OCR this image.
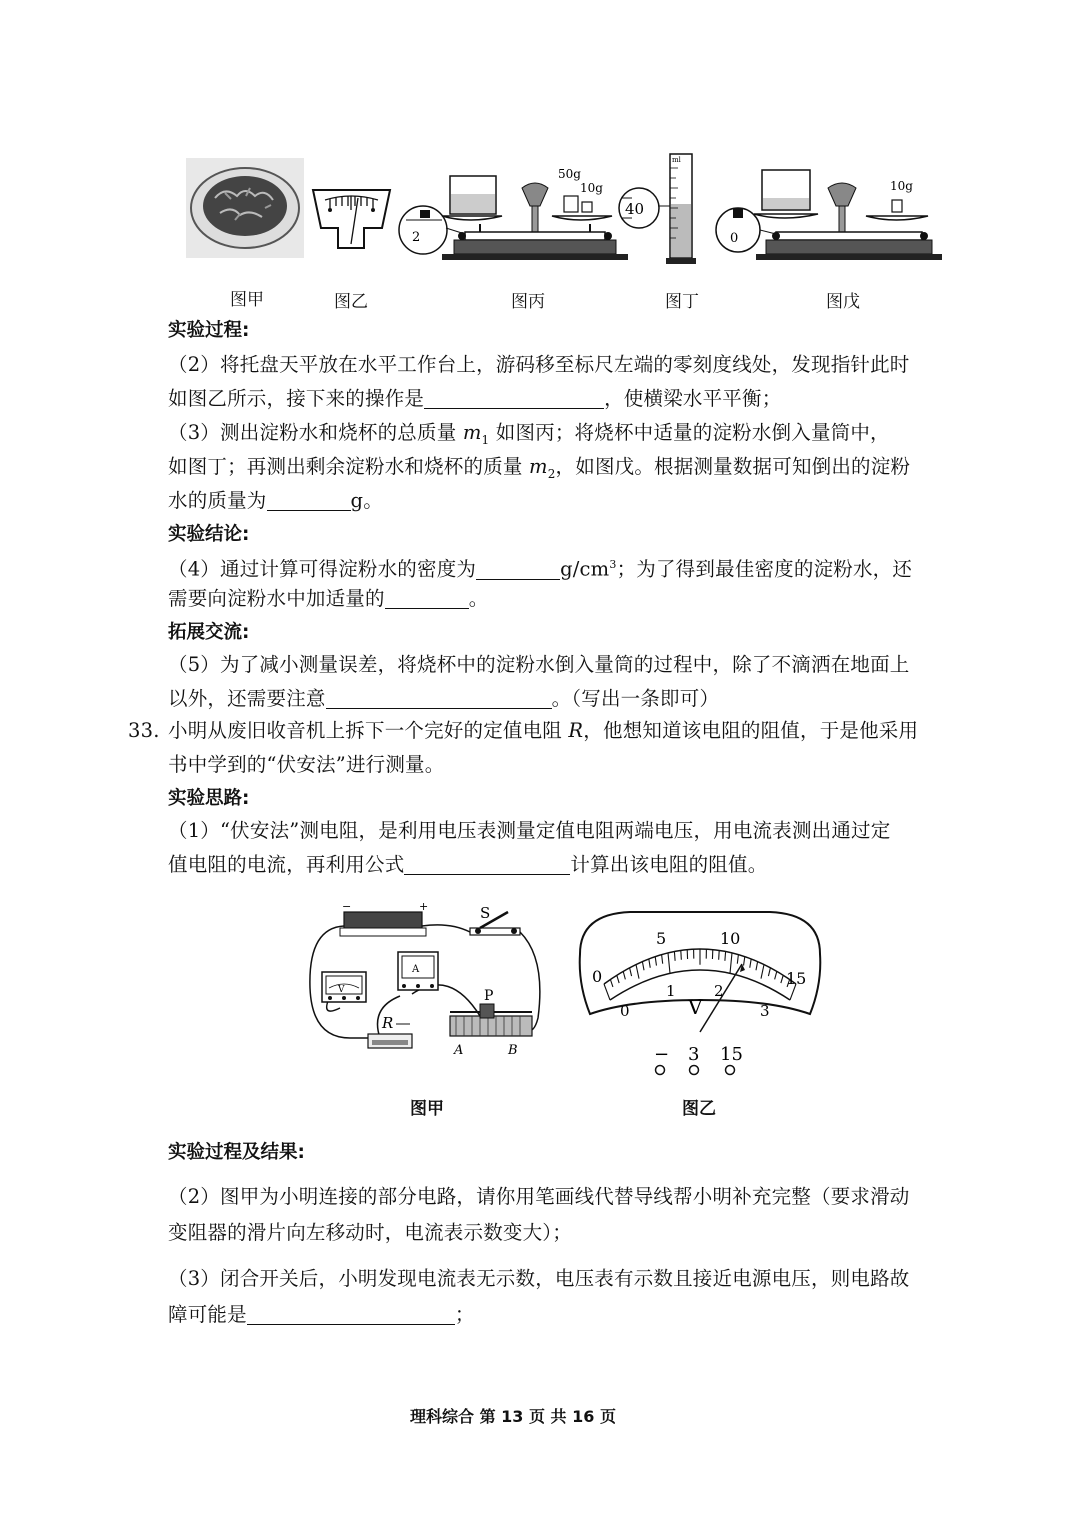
2
50g
10g
40
ml
0
10g
图甲	图乙	图丙	图丁	图戊
实验过程:
（2）将托盘天平放在水平工作台上，游码移至标尺左端的零刻度线处，发现指针此时
如图乙所示，接下来的操作是	，使横梁水平平衡；
（3）测出淀粉水和烧杯的总质量 $m_1$ 如图丙；将烧杯中适量的淀粉水倒入量筒中，
如图丁；再测出剩余淀粉水和烧杯的质量 $m_2$，如图戊。根据测量数据可知倒出的淀粉
水的质量为	g。
实验结论:
（4）通过计算可得淀粉水的密度为	$g/cm^3$；为了得到最佳密度的淀粉水，还
需要向淀粉水中加适量的	。
拓展交流:
（5）为了减小测量误差，将烧杯中的淀粉水倒入量筒的过程中，除了不滴洒在地面上
以外，还需要注意	。（写出一条即可）
33. 小明从废旧收音机上拆下一个完好的定值电阻 R，他想知道该电阻的阻值，于是他采用
书中学到的“伏安法”进行测量。
实验思路:
（1）“伏安法”测电阻，是利用电压表测量定值电阻两端电压，用电流表测出通过定
值电阻的电流，再利用公式	计算出该电阻的阻值。
−	+	S
V
A
R
P
A	B
0
5	10
15
0
1	2
3
V
− 3 15
图甲	图乙
实验过程及结果:
（2）图甲为小明连接的部分电路，请你用笔画线代替导线帮小明补充完整（要求滑动
变阻器的滑片向左移动时，电流表示数变大）；
（3）闭合开关后，小明发现电流表无示数，电压表有示数且接近电源电压，则电路故
障可能是	；
理科综合 第 13 页 共 16 页
